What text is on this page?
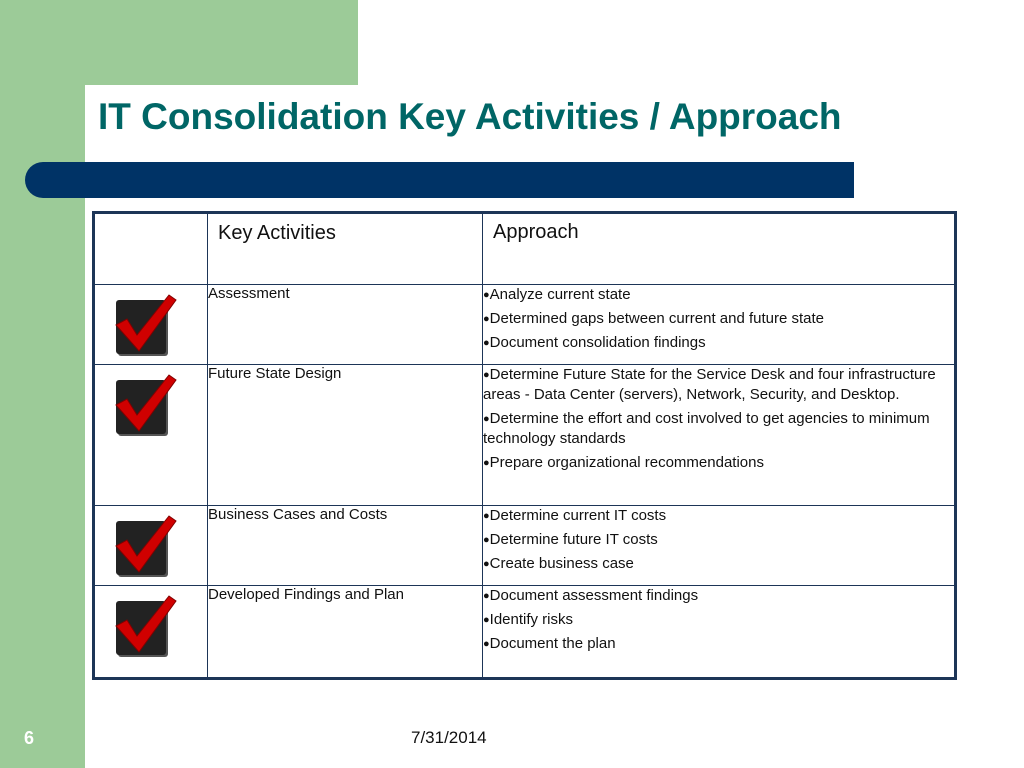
IT Consolidation Key Activities / Approach
	Key Activities	Approach

	Assessment	● Analyze current state
● Determined gaps between current and future state
● Document consolidation findings

	Future State Design	● Determine Future State for the Service Desk and four infrastructure areas - Data Center (servers), Network, Security, and Desktop.
● Determine the effort and cost involved to get agencies to minimum technology standards
● Prepare organizational recommendations

	Business Cases and Costs	● Determine current IT costs
● Determine future IT costs
● Create business case

	Developed Findings and Plan	● Document assessment findings
● Identify risks
● Document the plan
6	7/31/2014
